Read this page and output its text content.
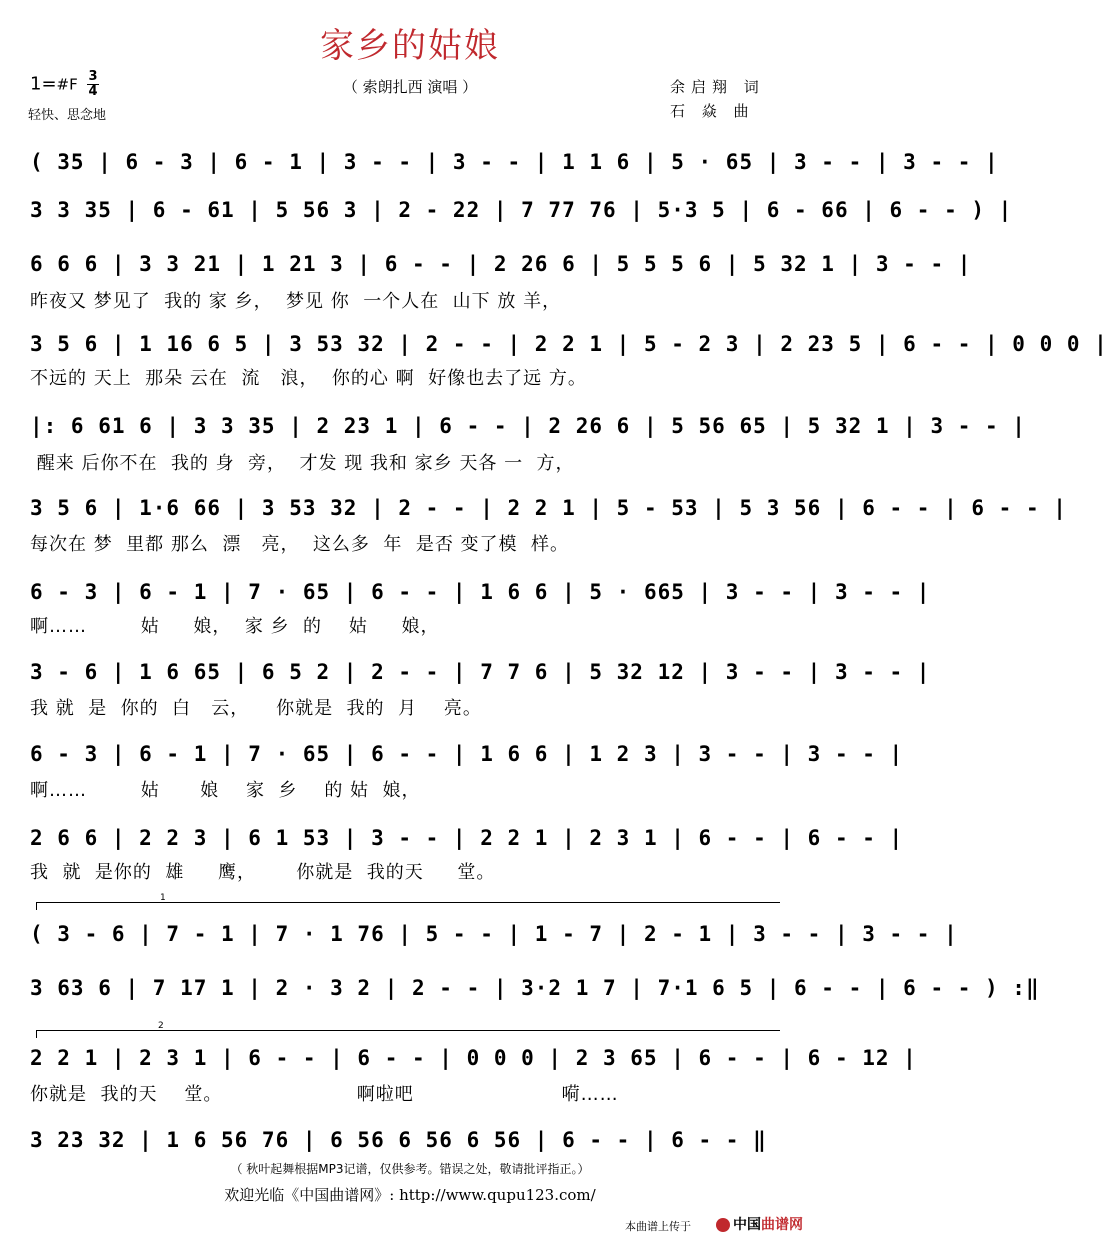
家乡的姑娘
1=#F $\frac{3}{4}$
轻快、思念地
（ 索朗扎西 演唱 ）	余启翔 词
石 焱 曲
( 35 | 6 - 3 | 6 - 1 | 3 - - | 3 - - | 1 1 6 | 5 · 65 | 3 - - | 3 - - |
3 3 35 | 6 - 61 | 5 56 3 | 2 - 22 | 7 77 76 | 5·3 5 | 6 - 66 | 6 - - ) |
6 6 6 | 3 3 21 | 1 21 3 | 6 - - | 2 26 6 | 5 5 5 6 | 5 32 1 | 3 - - |
昨夜又 梦见了  我的 家 乡，  梦见 你  一个人在  山下 放 羊，
3 5 6 | 1 16 6 5 | 3 53 32 | 2 - - | 2 2 1 | 5 - 2 3 | 2 23 5 | 6 - - | 0 0 0 |
不远的 天上  那朵 云在  流   浪，  你的心 啊  好像也去了远 方。
|: 6 61 6 | 3 3 35 | 2 23 1 | 6 - - | 2 26 6 | 5 56 65 | 5 32 1 | 3 - - |
醒来 后你不在  我的 身  旁，  才发 现 我和 家乡 天各 一  方，
3 5 6 | 1·6 66 | 3 53 32 | 2 - - | 2 2 1 | 5 - 53 | 5 3 56 | 6 - - | 6 - - |
每次在 梦  里都 那么  漂   亮，  这么多  年  是否 变了模  样。
6 - 3 | 6 - 1 | 7 · 65 | 6 - - | 1 6 6 | 5 · 665 | 3 - - | 3 - - |
啊……        姑     娘，  家 乡  的    姑     娘，
3 - 6 | 1 6 65 | 6 5 2 | 2 - - | 7 7 6 | 5 32 12 | 3 - - | 3 - - |
我 就  是  你的  白   云，    你就是  我的  月    亮。
6 - 3 | 6 - 1 | 7 · 65 | 6 - - | 1 6 6 | 1 2 3 | 3 - - | 3 - - |
啊……        姑      娘    家  乡    的 姑  娘，
2 6 6 | 2 2 3 | 6 1 53 | 3 - - | 2 2 1 | 2 3 1 | 6 - - | 6 - - |
我  就  是你的  雄     鹰，      你就是  我的天     堂。
1
( 3 - 6 | 7 - 1 | 7 · 1 76 | 5 - - | 1 - 7 | 2 - 1 | 3 - - | 3 - - |
3 63 6 | 7 17 1 | 2 · 3 2 | 2 - - | 3·2 1 7 | 7·1 6 5 | 6 - - | 6 - - ) :‖
2
2 2 1 | 2 3 1 | 6 - - | 6 - - | 0 0 0 | 2 3 65 | 6 - - | 6 - 12 |
你就是  我的天    堂。                    啊啦吧                      嗬……
3 23 32 | 1 6 56 76 | 6 56 6 56 6 56 | 6 - - | 6 - - ‖
（ 秋叶起舞根据MP3记谱，仅供参考。错误之处，敬请批评指正。）
欢迎光临《中国曲谱网》: http://www.qupu123.com/
本曲谱上传于	中国曲谱网
